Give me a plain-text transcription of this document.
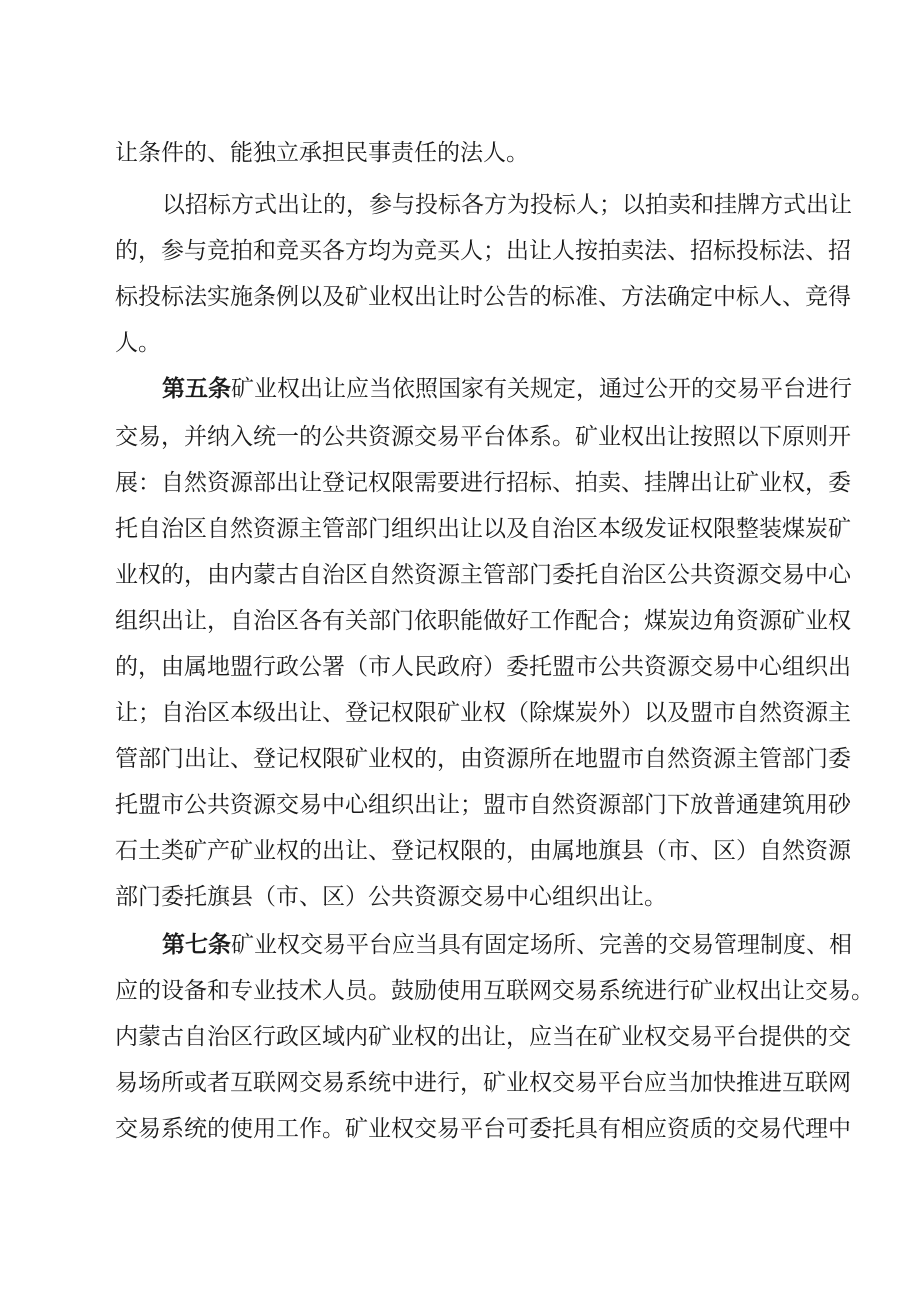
让条件的、能独立承担民事责任的法人。
以招标方式出让的，参与投标各方为投标人；以拍卖和挂牌方式出让
的，参与竞拍和竞买各方均为竞买人；出让人按拍卖法、招标投标法、招
标投标法实施条例以及矿业权出让时公告的标准、方法确定中标人、竞得
人。
第五条矿业权出让应当依照国家有关规定，通过公开的交易平台进行
交易，并纳入统一的公共资源交易平台体系。矿业权出让按照以下原则开
展：自然资源部出让登记权限需要进行招标、拍卖、挂牌出让矿业权，委
托自治区自然资源主管部门组织出让以及自治区本级发证权限整装煤炭矿
业权的，由内蒙古自治区自然资源主管部门委托自治区公共资源交易中心
组织出让，自治区各有关部门依职能做好工作配合；煤炭边角资源矿业权
的，由属地盟行政公署（市人民政府）委托盟市公共资源交易中心组织出
让；自治区本级出让、登记权限矿业权（除煤炭外）以及盟市自然资源主
管部门出让、登记权限矿业权的，由资源所在地盟市自然资源主管部门委
托盟市公共资源交易中心组织出让；盟市自然资源部门下放普通建筑用砂
石土类矿产矿业权的出让、登记权限的，由属地旗县（市、区）自然资源
部门委托旗县（市、区）公共资源交易中心组织出让。
第七条矿业权交易平台应当具有固定场所、完善的交易管理制度、相
应的设备和专业技术人员。鼓励使用互联网交易系统进行矿业权出让交易。
内蒙古自治区行政区域内矿业权的出让，应当在矿业权交易平台提供的交
易场所或者互联网交易系统中进行，矿业权交易平台应当加快推进互联网
交易系统的使用工作。矿业权交易平台可委托具有相应资质的交易代理中
